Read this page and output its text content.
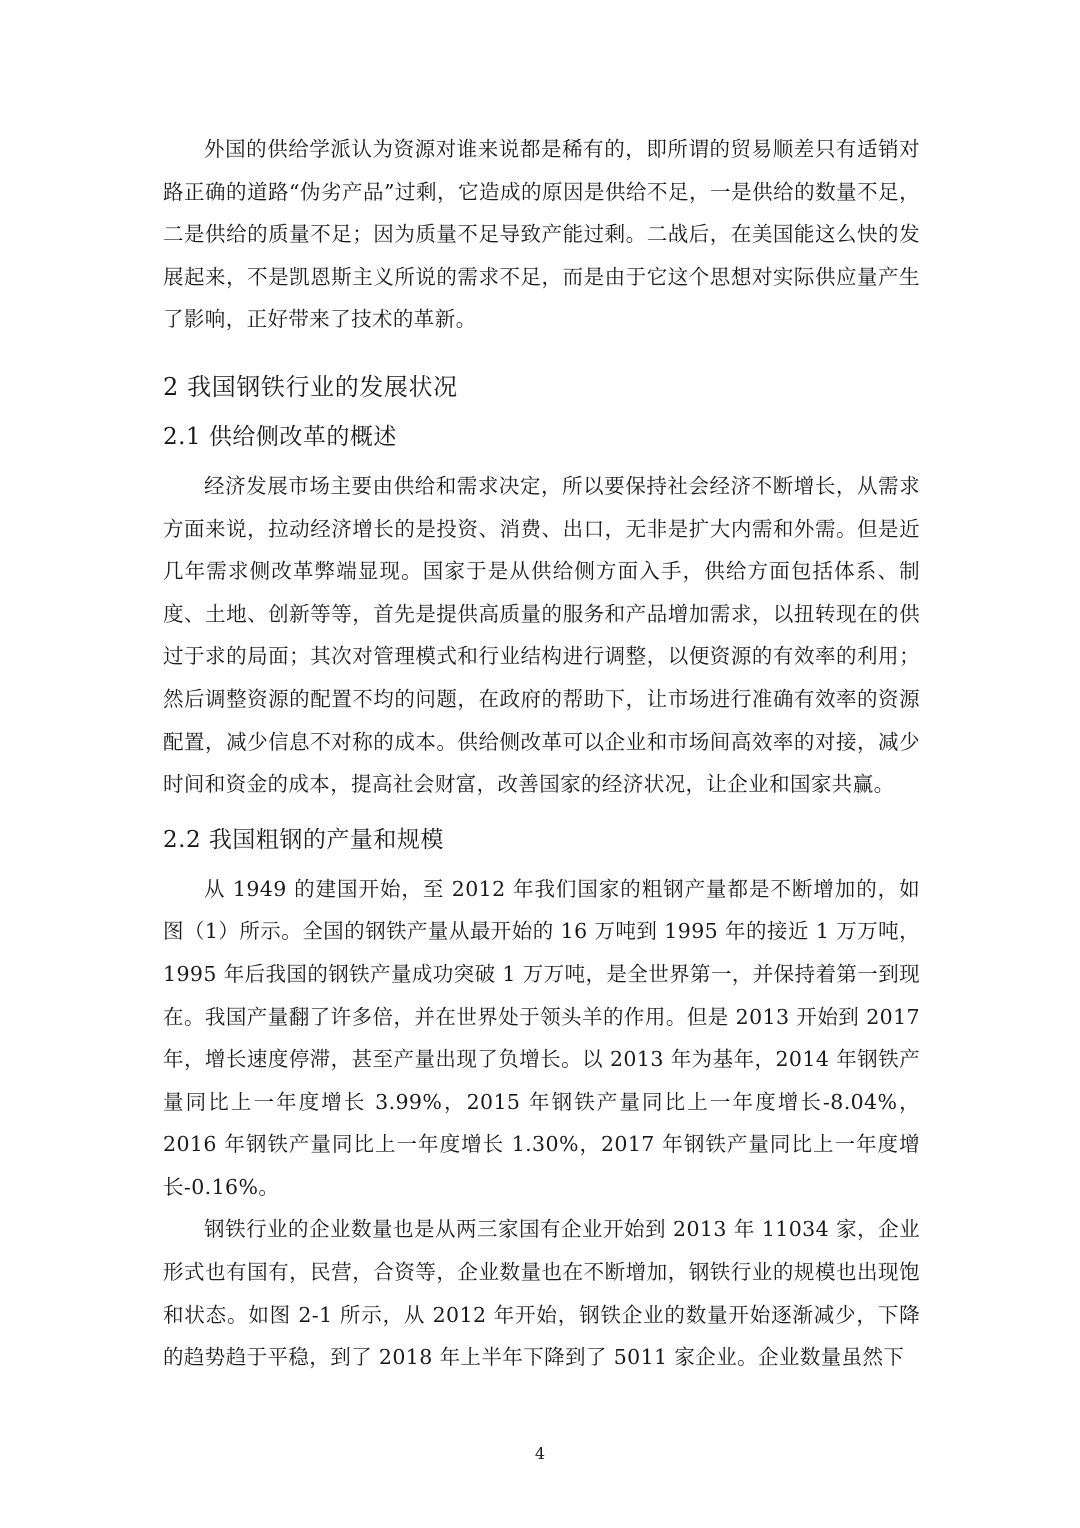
外国的供给学派认为资源对谁来说都是稀有的，即所谓的贸易顺差只有适销对路正确的道路“伪劣产品”过剩，它造成的原因是供给不足，一是供给的数量不足，二是供给的质量不足；因为质量不足导致产能过剩。二战后，在美国能这么快的发展起来，不是凯恩斯主义所说的需求不足，而是由于它这个思想对实际供应量产生了影响，正好带来了技术的革新。

2 我国钢铁行业的发展状况
2.1 供给侧改革的概述

经济发展市场主要由供给和需求决定，所以要保持社会经济不断增长，从需求方面来说，拉动经济增长的是投资、消费、出口，无非是扩大内需和外需。但是近几年需求侧改革弊端显现。国家于是从供给侧方面入手，供给方面包括体系、制度、土地、创新等等，首先是提供高质量的服务和产品增加需求，以扭转现在的供过于求的局面；其次对管理模式和行业结构进行调整，以便资源的有效率的利用；然后调整资源的配置不均的问题，在政府的帮助下，让市场进行准确有效率的资源配置，减少信息不对称的成本。供给侧改革可以企业和市场间高效率的对接，减少时间和资金的成本，提高社会财富，改善国家的经济状况，让企业和国家共赢。

2.2 我国粗钢的产量和规模

从 1949 的建国开始，至 2012 年我们国家的粗钢产量都是不断增加的，如图（1）所示。全国的钢铁产量从最开始的 16 万吨到 1995 年的接近 1 万万吨，1995 年后我国的钢铁产量成功突破 1 万万吨，是全世界第一，并保持着第一到现在。我国产量翻了许多倍，并在世界处于领头羊的作用。但是 2013 开始到 2017 年，增长速度停滞，甚至产量出现了负增长。以 2013 年为基年，2014 年钢铁产量同比上一年度增长 3.99%，2015 年钢铁产量同比上一年度增长-8.04%，2016 年钢铁产量同比上一年度增长 1.30%，2017 年钢铁产量同比上一年度增长-0.16%。

钢铁行业的企业数量也是从两三家国有企业开始到 2013 年 11034 家，企业形式也有国有，民营，合资等，企业数量也在不断增加，钢铁行业的规模也出现饱和状态。如图 2-1 所示，从 2012 年开始，钢铁企业的数量开始逐渐减少，下降的趋势趋于平稳，到了 2018 年上半年下降到了 5011 家企业。企业数量虽然下

4
